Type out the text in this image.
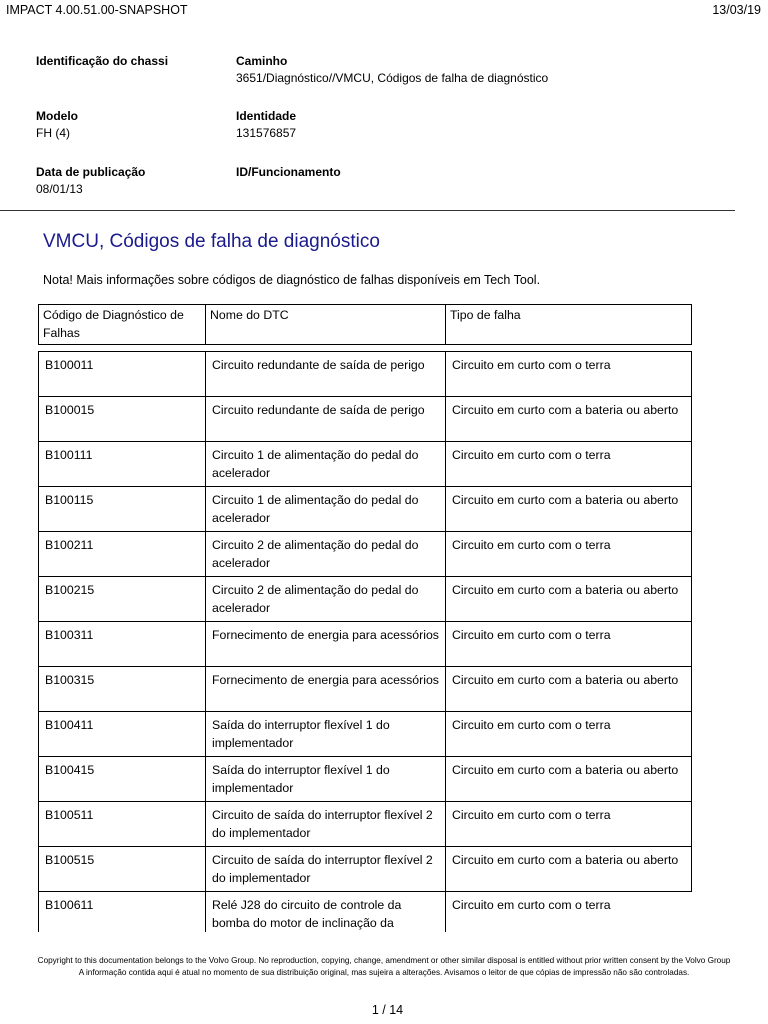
IMPACT 4.00.51.00-SNAPSHOT	13/03/19
Identificação do chassi	Caminho
3651/Diagnóstico//VMCU, Códigos de falha de diagnóstico
Modelo
FH (4)
Identidade
131576857
Data de publicação
08/01/13
ID/Funcionamento
VMCU, Códigos de falha de diagnóstico
Nota! Mais informações sobre códigos de diagnóstico de falhas disponíveis em Tech Tool.
Código de Diagnóstico de Falhas	Nome do DTC	Tipo de falha

B100011	Circuito redundante de saída de perigo	Circuito em curto com o terra
B100015	Circuito redundante de saída de perigo	Circuito em curto com a bateria ou aberto
B100111	Circuito 1 de alimentação do pedal do acelerador	Circuito em curto com o terra
B100115	Circuito 1 de alimentação do pedal do acelerador	Circuito em curto com a bateria ou aberto
B100211	Circuito 2 de alimentação do pedal do acelerador	Circuito em curto com o terra
B100215	Circuito 2 de alimentação do pedal do acelerador	Circuito em curto com a bateria ou aberto
B100311	Fornecimento de energia para acessórios	Circuito em curto com o terra
B100315	Fornecimento de energia para acessórios	Circuito em curto com a bateria ou aberto
B100411	Saída do interruptor flexível 1 do implementador	Circuito em curto com o terra
B100415	Saída do interruptor flexível 1 do implementador	Circuito em curto com a bateria ou aberto
B100511	Circuito de saída do interruptor flexível 2 do implementador	Circuito em curto com o terra
B100515	Circuito de saída do interruptor flexível 2 do implementador	Circuito em curto com a bateria ou aberto
B100611	Relé J28 do circuito de controle da bomba do motor de inclinação da	Circuito em curto com o terra
Copyright to this documentation belongs to the Volvo Group. No reproduction, copying, change, amendment or other similar disposal is entitled without prior written consent by the Volvo Group
A informação contida aqui é atual no momento de sua distribuição original, mas sujeira a alterações. Avisamos o leitor de que cópias de impressão não são controladas.
1 / 14
